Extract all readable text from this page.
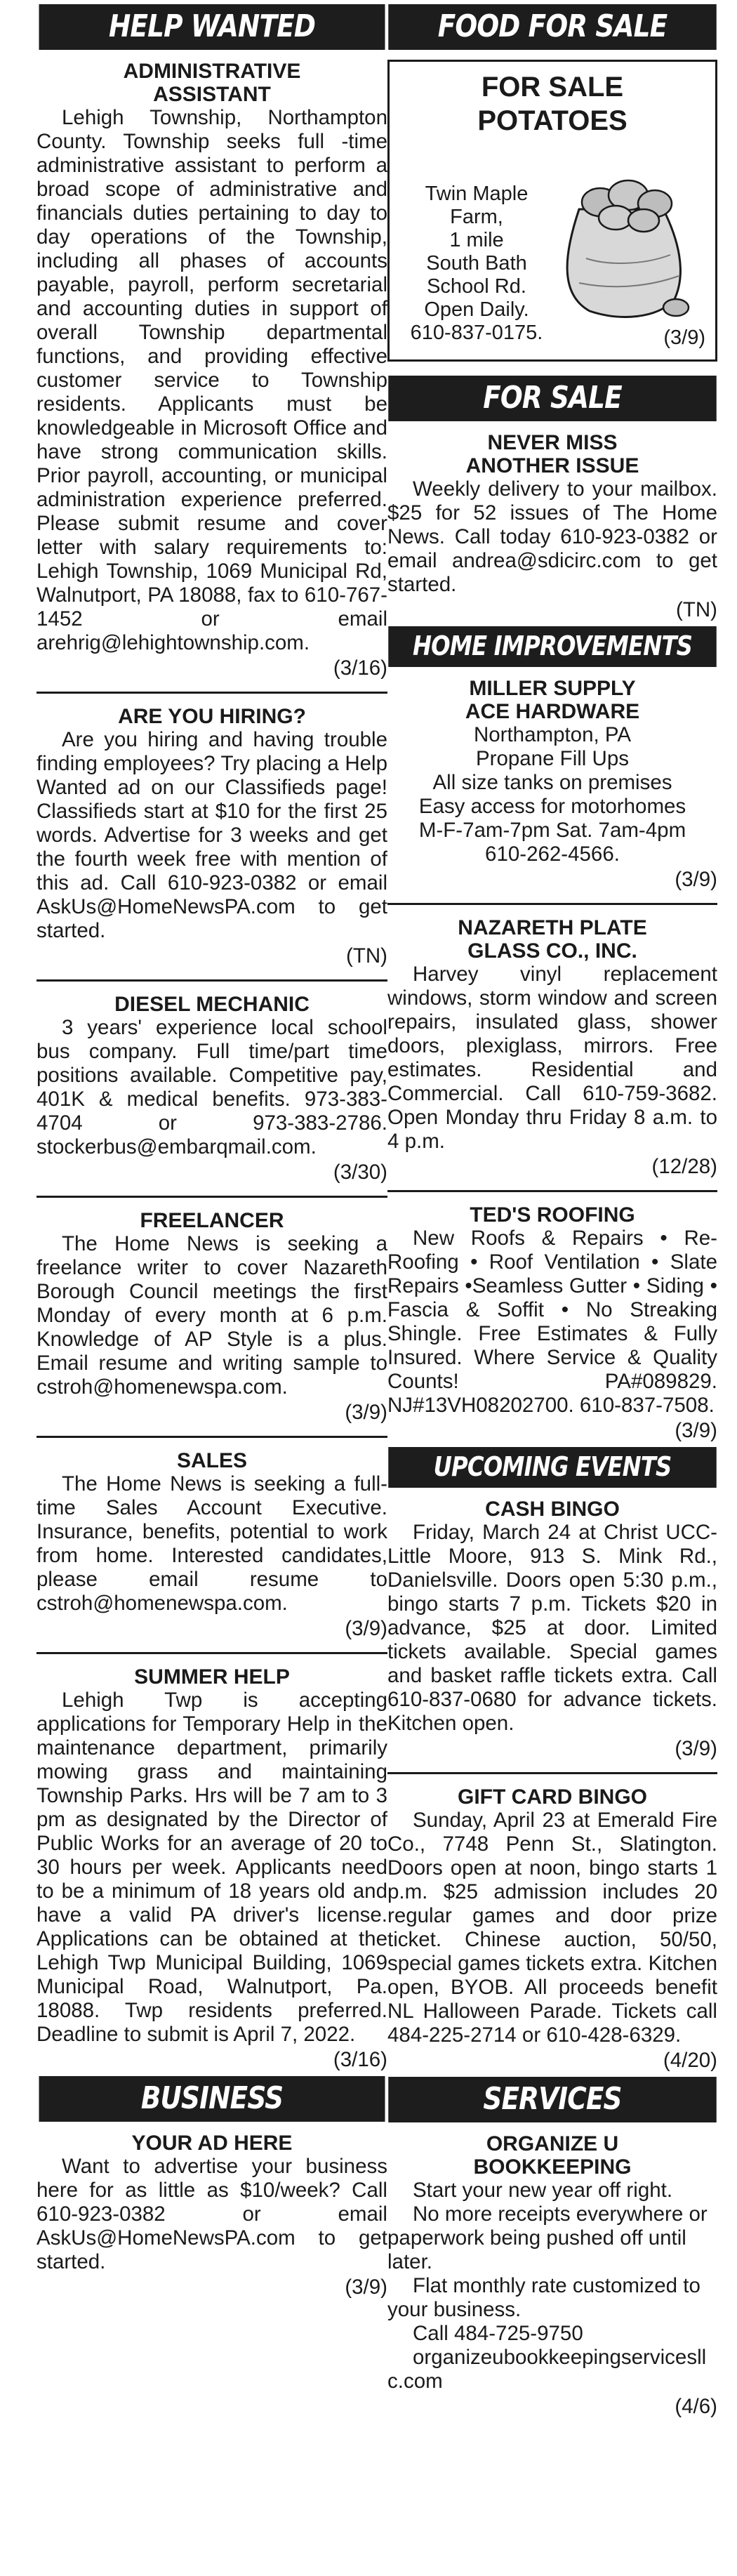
HELP WANTED
ADMINISTRATIVE
ASSISTANT

Lehigh Township, Northampton County. Township seeks full -time administrative assistant to perform a broad scope of administrative and financials duties pertaining to day to day operations of the Township, including all phases of accounts payable, payroll, perform secretarial and accounting duties in support of overall Township departmental functions, and providing effective customer service to Township residents. Applicants must be knowledgeable in Microsoft Office and have strong communication skills. Prior payroll, accounting, or municipal administration experience preferred. Please submit resume and cover letter with salary requirements to: Lehigh Township, 1069 Municipal Rd, Walnutport, PA 18088, fax to 610-767-1452 or email arehrig@lehightownship.com.

(3/16)
ARE YOU HIRING?

Are you hiring and having trouble finding employees? Try placing a Help Wanted ad on our Classifieds page! Classifieds start at $10 for the first 25 words. Advertise for 3 weeks and get the fourth week free with mention of this ad. Call 610-923-0382 or email AskUs@HomeNewsPA.com to get started.

(TN)
DIESEL MECHANIC

3 years' experience local school bus company. Full time/part time positions available. Competitive pay, 401K & medical benefits. 973-383-4704 or 973-383-2786. stockerbus@embarqmail.com.

(3/30)
FREELANCER

The Home News is seeking a freelance writer to cover Nazareth Borough Council meetings the first Monday of every month at 6 p.m. Knowledge of AP Style is a plus. Email resume and writing sample to cstroh@homenewspa.com.

(3/9)
SALES

The Home News is seeking a full-time Sales Account Executive. Insurance, benefits, potential to work from home. Interested candidates, please email resume to cstroh@homenewspa.com.

(3/9)
SUMMER HELP

Lehigh Twp is accepting applications for Temporary Help in the maintenance department, primarily mowing grass and maintaining Township Parks. Hrs will be 7 am to 3 pm as designated by the Director of Public Works for an average of 20 to 30 hours per week. Applicants need to be a minimum of 18 years old and have a valid PA driver's license. Applications can be obtained at the Lehigh Twp Municipal Building, 1069 Municipal Road, Walnutport, Pa. 18088. Twp residents preferred. Deadline to submit is April 7, 2022.

(3/16)
BUSINESS
YOUR AD HERE

Want to advertise your business here for as little as $10/week? Call 610-923-0382 or email AskUs@HomeNewsPA.com to get started.

(3/9)
FOOD FOR SALE
FOR SALE
POTATOES
Twin Maple
Farm,
1 mile
South Bath
School Rd.
Open Daily.
610-837-0175.	(3/9)
FOR SALE
NEVER MISS
ANOTHER ISSUE

Weekly delivery to your mailbox. $25 for 52 issues of The Home News. Call today 610-923-0382 or email andrea@sdicirc.com to get started.

(TN)
HOME IMPROVEMENTS
MILLER SUPPLY
ACE HARDWARE

Northampton, PA

Propane Fill Ups

All size tanks on premises

Easy access for motorhomes

M-F-7am-7pm Sat. 7am-4pm

610-262-4566.

(3/9)
NAZARETH PLATE
GLASS CO., INC.

Harvey vinyl replacement windows, storm window and screen repairs, insulated glass, shower doors, plexiglass, mirrors. Free estimates. Residential and Commercial. Call 610-759-3682. Open Monday thru Friday 8 a.m. to 4 p.m.

(12/28)
TED'S ROOFING

New Roofs & Repairs • Re-Roofing • Roof Ventilation • Slate Repairs •Seamless Gutter • Siding • Fascia & Soffit • No Streaking Shingle. Free Estimates & Fully Insured. Where Service & Quality Counts! PA#089829. NJ#13VH08202700. 610-837-7508.

(3/9)
UPCOMING EVENTS
CASH BINGO

Friday, March 24 at Christ UCC-Little Moore, 913 S. Mink Rd., Danielsville. Doors open 5:30 p.m., bingo starts 7 p.m. Tickets $20 in advance, $25 at door. Limited tickets available. Special games and basket raffle tickets extra. Call 610-837-0680 for advance tickets. Kitchen open.

(3/9)
GIFT CARD BINGO

Sunday, April 23 at Emerald Fire Co., 7748 Penn St., Slatington. Doors open at noon, bingo starts 1 p.m. $25 admission includes 20 regular games and door prize ticket. Chinese auction, 50/50, special games tickets extra. Kitchen open, BYOB. All proceeds benefit NL Halloween Parade. Tickets call 484-225-2714 or 610-428-6329.

(4/20)
SERVICES
ORGANIZE U
BOOKKEEPING

Start your new year off right.

No more receipts everywhere or paperwork being pushed off until later.

Flat monthly rate customized to your business.

Call 484-725-9750

organizeubookkeepingservicesllc.com

(4/6)
